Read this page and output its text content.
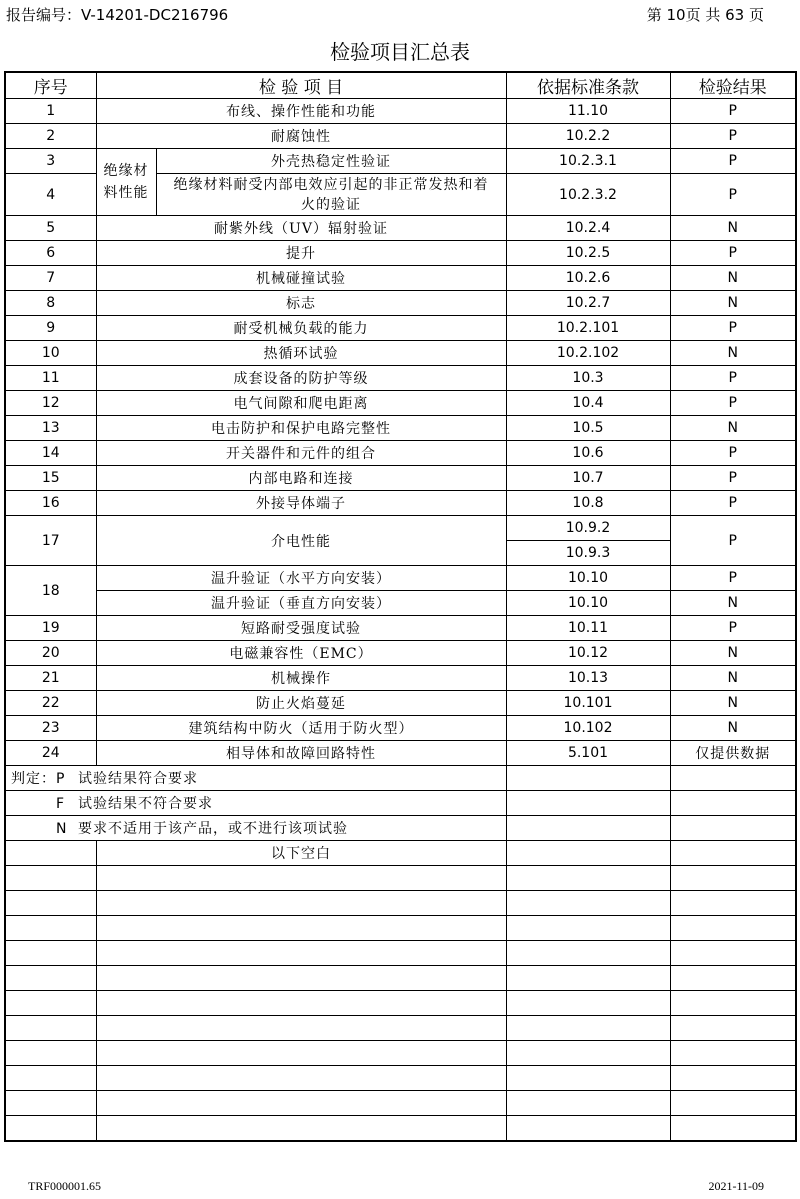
报告编号：V-14201-DC216796	第 10页 共 63 页
检验项目汇总表
序号	检 验 项 目		依据标准条款	检验结果
1	布线、操作性能和功能		11.10	P
2	耐腐蚀性		10.2.2	P
3	绝缘材料性能	外壳热稳定性验证	10.2.3.1	P
4		绝缘材料耐受内部电效应引起的非正常发热和着火的验证	10.2.3.2	P
5	耐紫外线（UV）辐射验证		10.2.4	N
6	提升		10.2.5	P
7	机械碰撞试验		10.2.6	N
8	标志		10.2.7	N
9	耐受机械负载的能力		10.2.101	P
10	热循环试验		10.2.102	N
11	成套设备的防护等级		10.3	P
12	电气间隙和爬电距离		10.4	P
13	电击防护和保护电路完整性		10.5	N
14	开关器件和元件的组合		10.6	P
15	内部电路和连接		10.7	P
16	外接导体端子		10.8	P
17	介电性能		10.9.2	P
			10.9.3	
18	温升验证（水平方向安装）		10.10	P
	温升验证（垂直方向安装）		10.10	N
19	短路耐受强度试验		10.11	P
20	电磁兼容性（EMC）		10.12	N
21	机械操作		10.13	N
22	防止火焰蔓延		10.101	N
23	建筑结构中防火（适用于防火型）		10.102	N
24	相导体和故障回路特性		5.101	仅提供数据
判定：P 试验结果符合要求				
F 试验结果不符合要求				
N 要求不适用于该产品，或不进行该项试验				
	以下空白			

TRF000001.65	2021-11-09
